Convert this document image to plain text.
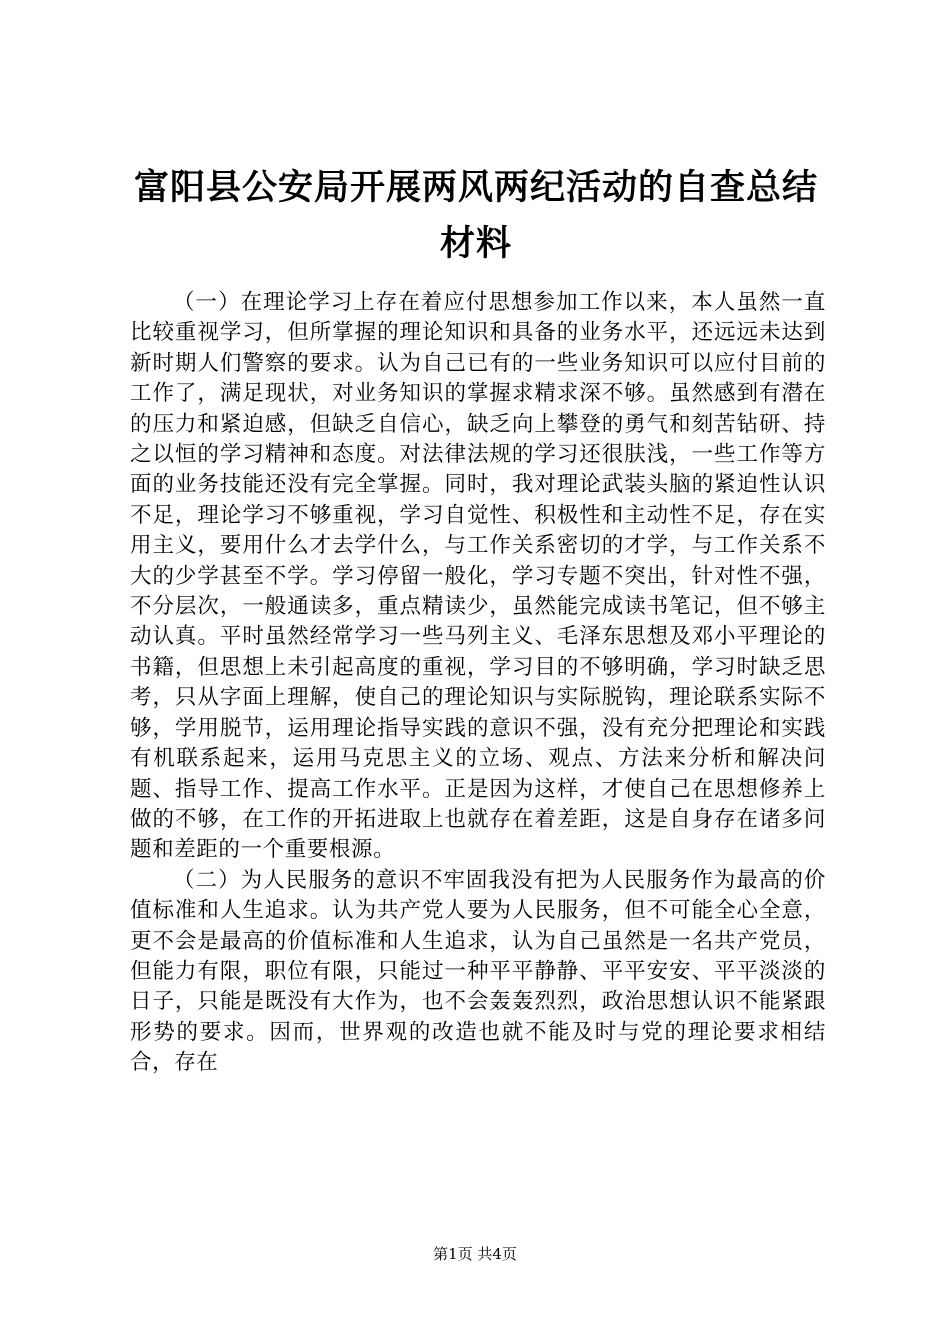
富阳县公安局开展两风两纪活动的自查总结材料

（一）在理论学习上存在着应付思想参加工作以来，本人虽然一直比较重视学习，但所掌握的理论知识和具备的业务水平，还远远未达到新时期人们警察的要求。认为自己已有的一些业务知识可以应付目前的工作了，满足现状，对业务知识的掌握求精求深不够。虽然感到有潜在的压力和紧迫感，但缺乏自信心，缺乏向上攀登的勇气和刻苦钻研、持之以恒的学习精神和态度。对法律法规的学习还很肤浅，一些工作等方面的业务技能还没有完全掌握。同时，我对理论武装头脑的紧迫性认识不足，理论学习不够重视，学习自觉性、积极性和主动性不足，存在实用主义，要用什么才去学什么，与工作关系密切的才学，与工作关系不大的少学甚至不学。学习停留一般化，学习专题不突出，针对性不强，不分层次，一般通读多，重点精读少，虽然能完成读书笔记，但不够主动认真。平时虽然经常学习一些马列主义、毛泽东思想及邓小平理论的书籍，但思想上未引起高度的重视，学习目的不够明确，学习时缺乏思考，只从字面上理解，使自己的理论知识与实际脱钩，理论联系实际不够，学用脱节，运用理论指导实践的意识不强，没有充分把理论和实践有机联系起来，运用马克思主义的立场、观点、方法来分析和解决问题、指导工作、提高工作水平。正是因为这样，才使自己在思想修养上做的不够，在工作的开拓进取上也就存在着差距，这是自身存在诸多问题和差距的一个重要根源。

（二）为人民服务的意识不牢固我没有把为人民服务作为最高的价值标准和人生追求。认为共产党人要为人民服务，但不可能全心全意，更不会是最高的价值标准和人生追求，认为自己虽然是一名共产党员，但能力有限，职位有限，只能过一种平平静静、平平安安、平平淡淡的日子，只能是既没有大作为，也不会轰轰烈烈，政治思想认识不能紧跟形势的要求。因而，世界观的改造也就不能及时与党的理论要求相结合，存在

第1页 共4页
